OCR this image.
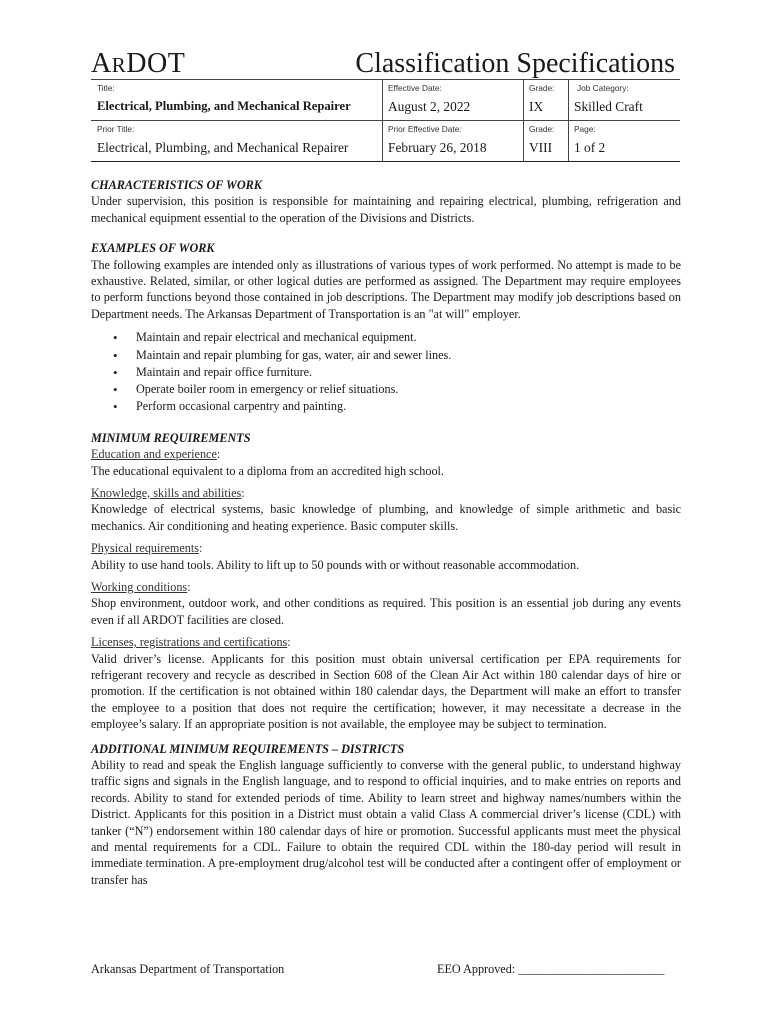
ARDOT	Classification Specifications
Title:
Electrical, Plumbing, and Mechanical Repairer
Effective Date:
August 2, 2022
Grade:
IX
Job Category:
Skilled Craft
Prior Title:
Electrical, Plumbing, and Mechanical Repairer
Prior Effective Date:
February 26, 2018
Grade:
VIII
Page:
1 of 2
CHARACTERISTICS OF WORK

Under supervision, this position is responsible for maintaining and repairing electrical, plumbing, refrigeration and mechanical equipment essential to the operation of the Divisions and Districts.

EXAMPLES OF WORK

The following examples are intended only as illustrations of various types of work performed. No attempt is made to be exhaustive. Related, similar, or other logical duties are performed as assigned. The Department may require employees to perform functions beyond those contained in job descriptions. The Department may modify job descriptions based on Department needs. The Arkansas Department of Transportation is an "at will" employer.

• Maintain and repair electrical and mechanical equipment.
• Maintain and repair plumbing for gas, water, air and sewer lines.
• Maintain and repair office furniture.
• Operate boiler room in emergency or relief situations.
• Perform occasional carpentry and painting.
MINIMUM REQUIREMENTS
Education and experience:

The educational equivalent to a diploma from an accredited high school.

Knowledge, skills and abilities:

Knowledge of electrical systems, basic knowledge of plumbing, and knowledge of simple arithmetic and basic mechanics. Air conditioning and heating experience. Basic computer skills.

Physical requirements:

Ability to use hand tools. Ability to lift up to 50 pounds with or without reasonable accommodation.

Working conditions:

Shop environment, outdoor work, and other conditions as required. This position is an essential job during any events even if all ARDOT facilities are closed.

Licenses, registrations and certifications:

Valid driver’s license. Applicants for this position must obtain universal certification per EPA requirements for refrigerant recovery and recycle as described in Section 608 of the Clean Air Act within 180 calendar days of hire or promotion. If the certification is not obtained within 180 calendar days, the Department will make an effort to transfer the employee to a position that does not require the certification; however, it may necessitate a decrease in the employee’s salary. If an appropriate position is not available, the employee may be subject to termination.

ADDITIONAL MINIMUM REQUIREMENTS – DISTRICTS

Ability to read and speak the English language sufficiently to converse with the general public, to understand highway traffic signs and signals in the English language, and to respond to official inquiries, and to make entries on reports and records. Ability to stand for extended periods of time. Ability to learn street and highway names/numbers within the District. Applicants for this position in a District must obtain a valid Class A commercial driver’s license (CDL) with tanker (“N”) endorsement within 180 calendar days of hire or promotion. Successful applicants must meet the physical and mental requirements for a CDL. Failure to obtain the required CDL within the 180-day period will result in immediate termination. A pre-employment drug/alcohol test will be conducted after a contingent offer of employment or transfer has

Arkansas Department of Transportation	EEO Approved: ________________________
